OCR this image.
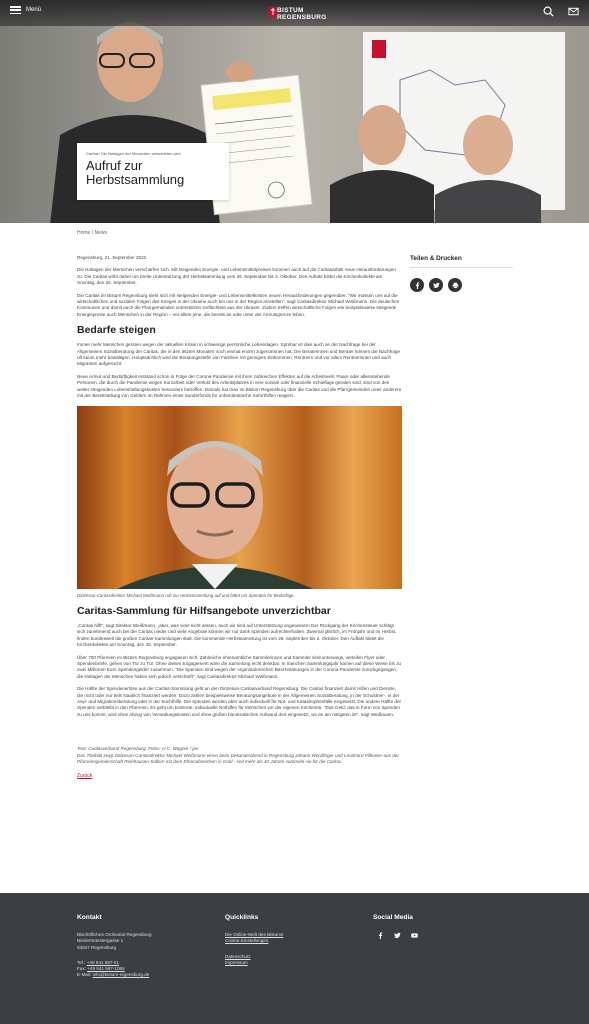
Caritas: Die Notlagen der Menschen verschärfen sich
Aufruf zur Herbstsammlung
Menü	BISTUM
REGENSBURG
Home / News

Regensburg, 21. September 2022

Die Notlagen der Menschen verschärfen sich. Mit steigenden Energie- und Lebensmittelpreisen kommen auch auf die Caritasarbeit neue Herausforderungen zu. Die Caritas wirbt daher um breite Unterstützung der Herbstsammlung vom 26. September bis 2. Oktober. Den Auftakt bildet die Kirchenkollekte am Sonntag, den 25. September.

Die Caritas im Bistum Regensburg sieht sich mit steigenden Energie- und Lebensmittelkosten neuen Herausforderungen gegenüber. "Wir müssen uns auf die wirtschaftlichen und sozialen Folgen des Krieges in der Ukraine auch bei uns in der Region einstellen", sagt Caritasdirektor Michael Weißmann. Die deutschen Kommunen und damit auch die Pfarrgemeinden unterstützen Geflüchtete aus der Ukraine. Zudem treffen wirtschaftliche Folgen wie beispielsweise steigende Energiepreise auch Menschen in der Region – vor allem jene, die bereits an oder unter der Armutsgrenze leben.

Bedarfe steigen

Immer mehr Menschen geraten wegen der aktuellen Krisen in schwierige persönliche Lebenslagen. Spürbar ist dies auch an der Nachfrage bei der Allgemeinen Sozialberatung der Caritas, die in den letzten Monaten noch einmal enorm zugenommen hat. Die Beraterinnen und Berater können die Nachfrage oft kaum mehr bewältigen. Hauptsächlich wird die Beratungsstelle von Familien mit geringem Einkommen, Rentnern und vor allem Rentnerinnen und auch Migranten aufgesucht.

Neue Armut und Bedürftigkeit entstand schon in Folge der Corona-Pandemie mit ihren zahlreichen Effekten auf die Arbeitswelt. Paare oder alleinstehende Personen, die durch die Pandemie wegen Kurzarbeit oder Verlust des Arbeitsplatzes in eine soziale oder finanzielle Schieflage geraten sind, sind von den weiter steigenden Lebenshaltungskosten besonders betroffen. Damals hat man im Bistum Regensburg über die Caritas und die Pfarrgemeinden unter anderem mit der Bereitstellung von Geldern im Rahmen eines Sonderfonds für unbürokratische Soforthilfen reagiert.

Diözesan-Caritasdirektor Michael Weißmann ruft zur Herbstsammlung auf und bittet um Spenden für Bedürftige.

Caritas-Sammlung für Hilfsangebote unverzichtbar

„Caritas hilft“, sagt Direktor Weißmann, „aber, was viele nicht wissen, auch wir sind auf Unterstützung angewiesen! Der Rückgang der Kirchensteuer schlägt sich zunehmend auch bei der Caritas nieder und viele Angebote können wir nur dank Spenden aufrechterhalten. Zweimal jährlich, im Frühjahr und im Herbst, finden bundesweit die großen Caritas-Sammlungen statt. Die kommende Herbstsammlung ist vom 26. September bis 2. Oktober. Den Auftakt bildet die Kirchenkollekte am Sonntag, den 25. September.

Über 700 Pfarreien im Bistum Regensburg engagieren sich. Zahlreiche ehrenamtliche Sammlerinnen und Sammler sind unterwegs, verteilen Flyer oder Spendenbriefe, gehen von Tür zu Tür. Ohne dieses Engagement wäre die Sammlung nicht denkbar. In manchen Sammlungsjahr kamen auf diese Weise bis zu zwei Millionen Euro Spendengelder zusammen. "Die Spenden sind wegen der organisatorischen Beschränkungen in der Corona-Pandemie zurückgegangen, die Notlagen der Menschen haben sich jedoch verschärft", sagt Caritasdirektor Michael Weißmann.

Die Hälfte der Spendenerlöse aus der Caritas-Sammlung geht an den Diözesan-Caritasverband Regensburg. Die Caritas finanziert damit Hilfen und Dienste, die nicht oder nur teils staatlich finanziert werden. Dazu zählen beispielsweise Beratungsangebote in der Allgemeinen Sozialberatung, in der Schuldner-, in der Asyl- und Migrationsberatung oder in der Suchthilfe. Die Spenden werden aber auch individuell für Not- und Katastrophenfälle eingesetzt. Die andere Hälfte der Spenden verbleibt in den Pfarreien. Es geht um konkrete, individuelle Nothilfen für Menschen vor der eigenen Kirchentür. "Das Geld, das in Form von Spenden zu uns kommt, wird ohne Abzug von Verwaltungskosten und ohne großen bürokratischen Aufwand dort eingesetzt, wo es am nötigsten ist", sagt Weißmann.

Text: Caritasverband Regensburg, Fotos: H.C. Wagner / jas
Das Titelbild zeigt Diözesan-Caritasdirektor Michael Weißmann einen beim Dekanatsabend in Regensburg Johann Wördlinger und Leonhard Pillmeier aus der Pfarreiengemeinschaft Reinhausen-Sallern mit dem Ehrenabzeichen in Gold - seit mehr als 40 Jahren sammeln sie für die Caritas.
Zurück
Teilen & Drucken
Kontakt
Bischöfliches Ordinariat Regensburg
Niedermünstergasse 1
93047 Regensburg
Tel.: +49 941 597-01
Fax: +49 941 597-1055
E-Mail: info@bistum-regensburg.de
Quicklinks
Die Online-Welt des Bistums
Cookie-Einstellungen
Datenschutz
Impressum
Social Media
